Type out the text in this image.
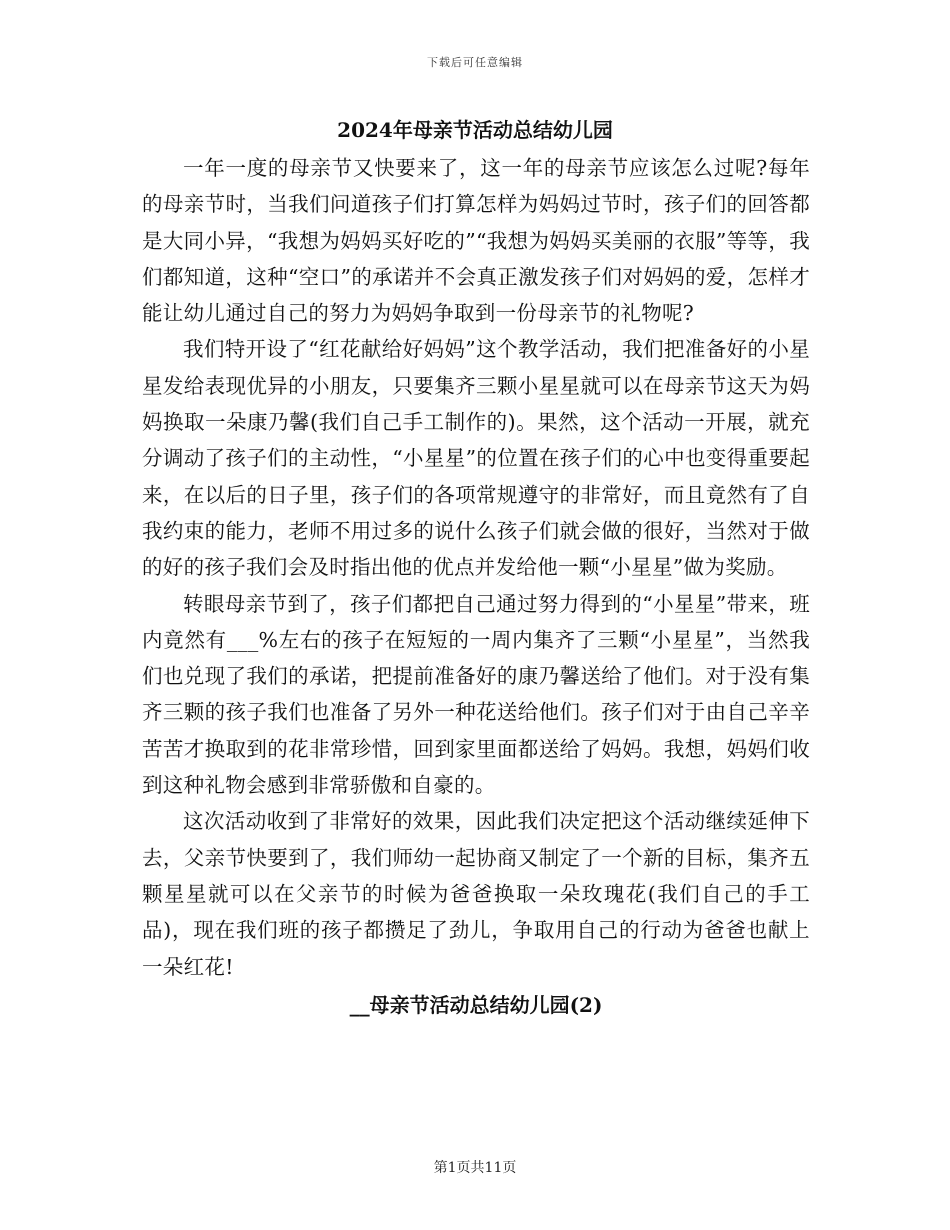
下载后可任意编辑
2024年母亲节活动总结幼儿园

一年一度的母亲节又快要来了，这一年的母亲节应该怎么过呢?每年的母亲节时，当我们问道孩子们打算怎样为妈妈过节时，孩子们的回答都是大同小异，“我想为妈妈买好吃的”“我想为妈妈买美丽的衣服”等等，我们都知道，这种“空口”的承诺并不会真正激发孩子们对妈妈的爱，怎样才能让幼儿通过自己的努力为妈妈争取到一份母亲节的礼物呢?

我们特开设了“红花献给好妈妈”这个教学活动，我们把准备好的小星星发给表现优异的小朋友，只要集齐三颗小星星就可以在母亲节这天为妈妈换取一朵康乃馨(我们自己手工制作的)。果然，这个活动一开展，就充分调动了孩子们的主动性，“小星星”的位置在孩子们的心中也变得重要起来，在以后的日子里，孩子们的各项常规遵守的非常好，而且竟然有了自我约束的能力，老师不用过多的说什么孩子们就会做的很好，当然对于做的好的孩子我们会及时指出他的优点并发给他一颗“小星星”做为奖励。

转眼母亲节到了，孩子们都把自己通过努力得到的“小星星”带来，班内竟然有___%左右的孩子在短短的一周内集齐了三颗“小星星”，当然我们也兑现了我们的承诺，把提前准备好的康乃馨送给了他们。对于没有集齐三颗的孩子我们也准备了另外一种花送给他们。孩子们对于由自己辛辛苦苦才换取到的花非常珍惜，回到家里面都送给了妈妈。我想，妈妈们收到这种礼物会感到非常骄傲和自豪的。

这次活动收到了非常好的效果，因此我们决定把这个活动继续延伸下去，父亲节快要到了，我们师幼一起协商又制定了一个新的目标，集齐五颗星星就可以在父亲节的时候为爸爸换取一朵玫瑰花(我们自己的手工品)，现在我们班的孩子都攒足了劲儿，争取用自己的行动为爸爸也献上一朵红花!

__母亲节活动总结幼儿园(2)
第1页共11页
